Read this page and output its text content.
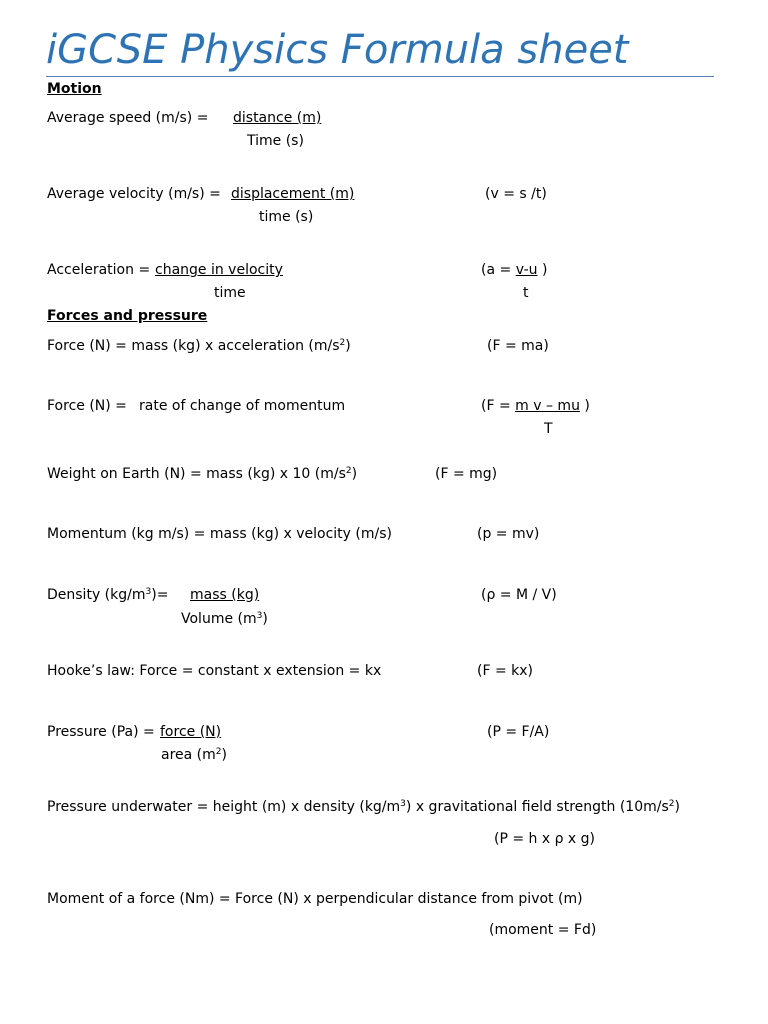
iGCSE Physics Formula sheet
Motion
Average speed (m/s) = distance (m)
Time (s)
Average velocity (m/s) = displacement (m)
time (s)
(v = s /t)
Acceleration = change in velocity
time
(a = v-u )
t
Forces and pressure
Force (N) = mass (kg) x acceleration $(m/s^2)$	(F = ma)
Force (N) = rate of change of momentum	(F = m v – mu )
T
Weight on Earth (N) = mass (kg) x 10 $(m/s^2)$	(F = mg)
Momentum (kg m/s) = mass (kg) x velocity (m/s)	(p = mv)
Density $(kg/m^3)=$ mass (kg)
Volume $(m^3)$
(ρ = M / V)
Hooke’s law: Force = constant x extension = kx	(F = kx)
Pressure (Pa) = force (N)
area $(m^2)$
(P = F/A)
Pressure underwater = height (m) x density $(kg/m^3)$ x gravitational field strength $(10m/s^2)$
(P = h x ρ x g)
Moment of a force (Nm) = Force (N) x perpendicular distance from pivot (m)
(moment = Fd)
